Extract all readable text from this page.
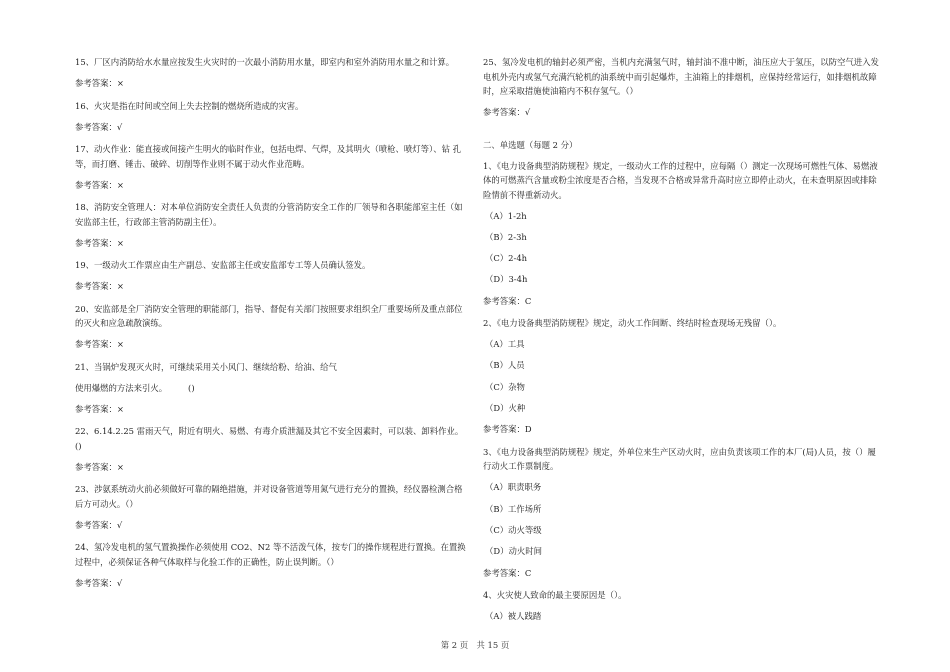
15、厂区内消防给水水量应按发生火灾时的一次最小消防用水量，即室内和室外消防用水量之和计算。
参考答案：×
16、火灾是指在时间或空间上失去控制的燃烧所造成的灾害。
参考答案：√
17、动火作业：能直接或间接产生明火的临时作业，包括电焊、气焊，及其明火（喷枪、喷灯等）、钻 孔等，而打磨、锤击、破碎、切削等作业则不属于动火作业范畴。
参考答案：×
18、消防安全管理人：对本单位消防安全责任人负责的分管消防安全工作的厂领导和各职能部室主任（如安监部主任，行政部主管消防副主任）。
参考答案：×
19、一级动火工作票应由生产副总、安监部主任或安监部专工等人员确认签发。
参考答案：×
20、安监部是全厂消防安全管理的职能部门，指导、督促有关部门按照要求组织全厂重要场所及重点部位的灭火和应急疏散演练。
参考答案：×
21、当锅炉发现灭火时，可继续采用关小风门、继续给粉、给油、给气
使用爆燃的方法来引火。　　　()
参考答案：×
22、6.14.2.25 雷雨天气，附近有明火、易燃、有毒介质泄漏及其它不安全因素时，可以装、卸料作业。　　　()
参考答案：×
23、涉氨系统动火前必须做好可靠的隔绝措施，并对设备管道等用氮气进行充分的置换，经仪器检测合格后方可动火。（）
参考答案：√
24、氢冷发电机的氢气置换操作必须使用 CO2、N2 等不活泼气体，按专门的操作规程进行置换。在置换过程中，必须保证各种气体取样与化验工作的正确性，防止误判断。（）
参考答案：√
25、氢冷发电机的轴封必须严密，当机内充满氢气时，轴封油不准中断，油压应大于氢压，以防空气进入发电机外壳内或氢气充满汽轮机的油系统中而引起爆炸，主油箱上的排烟机，应保持经常运行，如排烟机故障时，应采取措施使油箱内不积存氢气。（）
参考答案：√
二、单选题（每题 2 分）
1、《电力设备典型消防规程》规定，一级动火工作的过程中，应每隔（）测定一次现场可燃性气体、易燃液体的可燃蒸汽含量或粉尘浓度是否合格，当发现不合格或异常升高时应立即停止动火，在未查明原因或排除险情前不得重新动火。
（A）1-2h
（B）2-3h
（C）2-4h
（D）3-4h
参考答案：C
2、《电力设备典型消防规程》规定，动火工作间断、终结时检查现场无残留（）。
（A）工具
（B）人员
（C）杂物
（D）火种
参考答案：D
3、《电力设备典型消防规程》规定，外单位来生产区动火时，应由负责该项工作的本厂(局)人员，按（）履行动火工作票制度。
（A）职责职务
（B）工作场所
（C）动火等级
（D）动火时间
参考答案：C
4、火灾使人致命的最主要原因是（）。
（A）被人践踏
第 2 页　共 15 页
